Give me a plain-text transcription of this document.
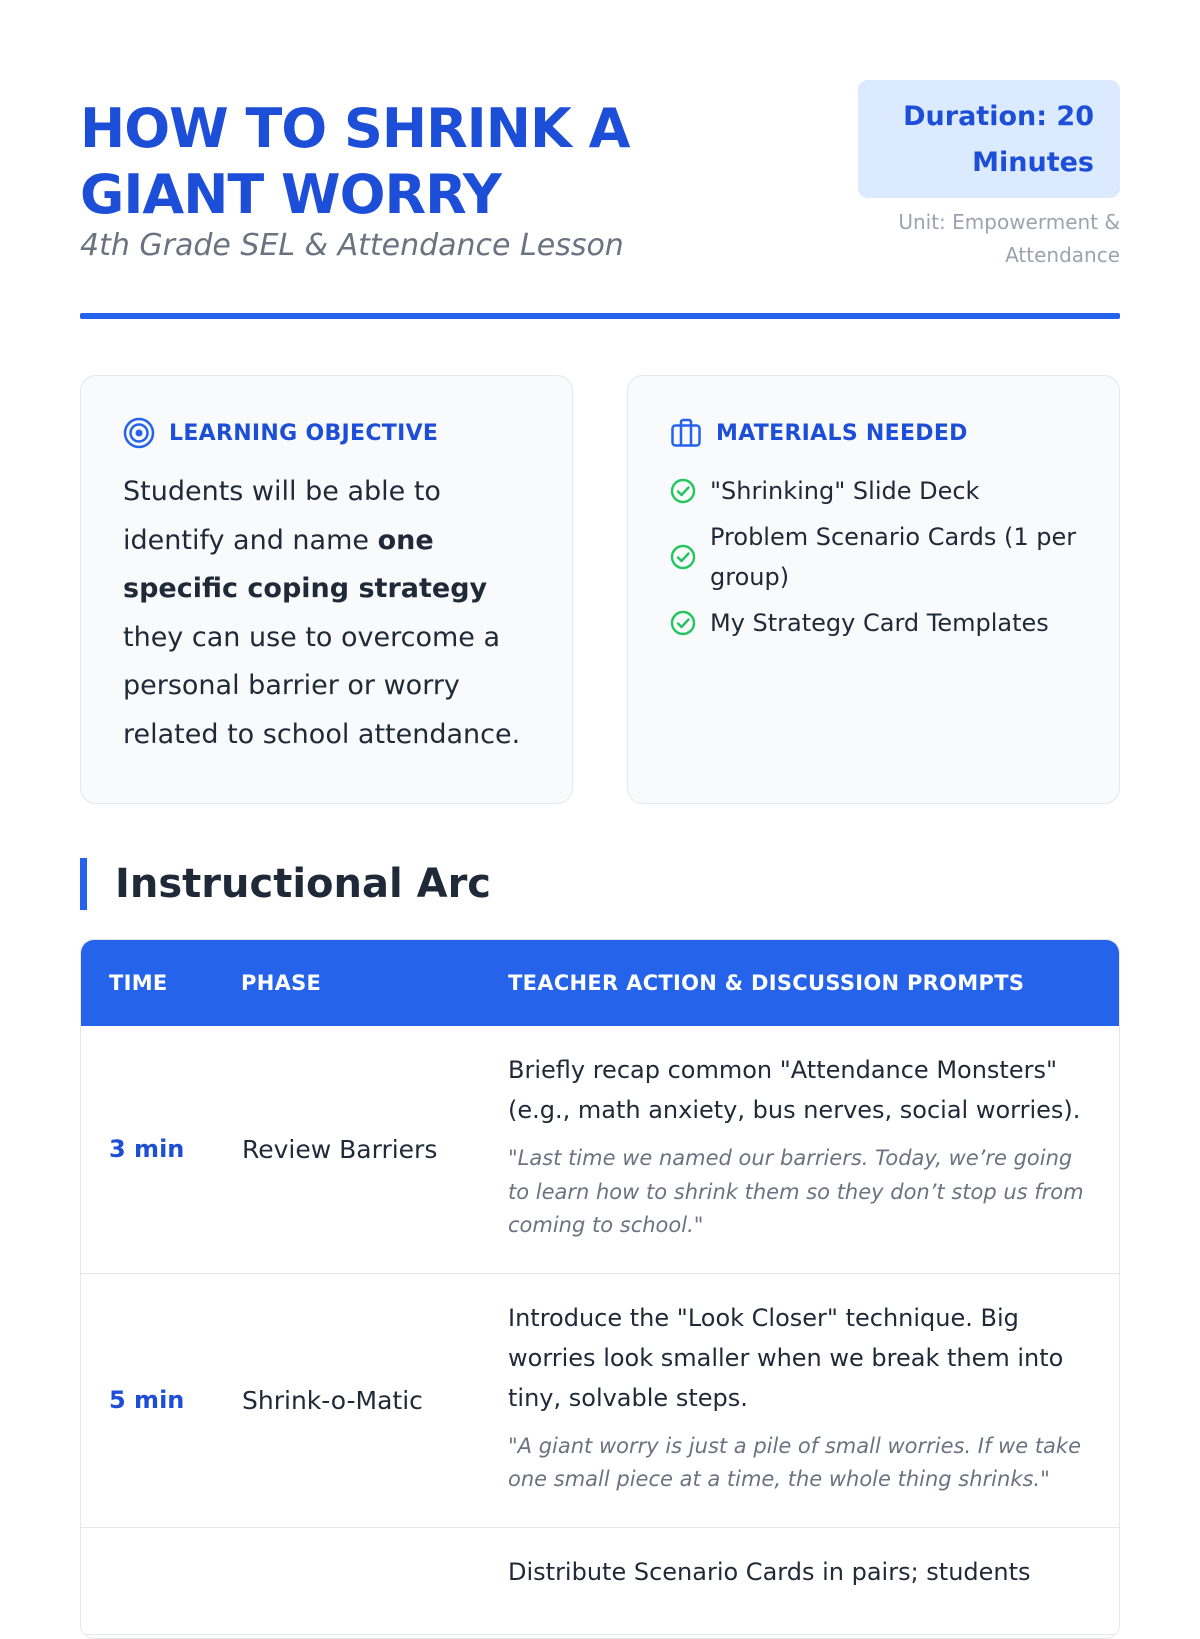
HOW TO SHRINK A GIANT WORRY
4th Grade SEL & Attendance Lesson
Duration: 20 Minutes
Unit: Empowerment & Attendance
LEARNING OBJECTIVE

Students will be able to identify and name one specific coping strategy they can use to overcome a personal barrier or worry related to school attendance.

MATERIALS NEEDED
"Shrinking" Slide Deck
Problem Scenario Cards (1 per group)
My Strategy Card Templates
Instructional Arc
TIME	PHASE	TEACHER ACTION & DISCUSSION PROMPTS
3 min	Review Barriers	Briefly recap common "Attendance Monsters" (e.g., math anxiety, bus nerves, social worries).

"Last time we named our barriers. Today, we’re going to learn how to shrink them so they don’t stop us from coming to school."

5 min	Shrink-o-Matic	Introduce the "Look Closer" technique. Big worries look smaller when we break them into tiny, solvable steps.

"A giant worry is just a pile of small worries. If we take one small piece at a time, the whole thing shrinks."

		Distribute Scenario Cards in pairs; students
